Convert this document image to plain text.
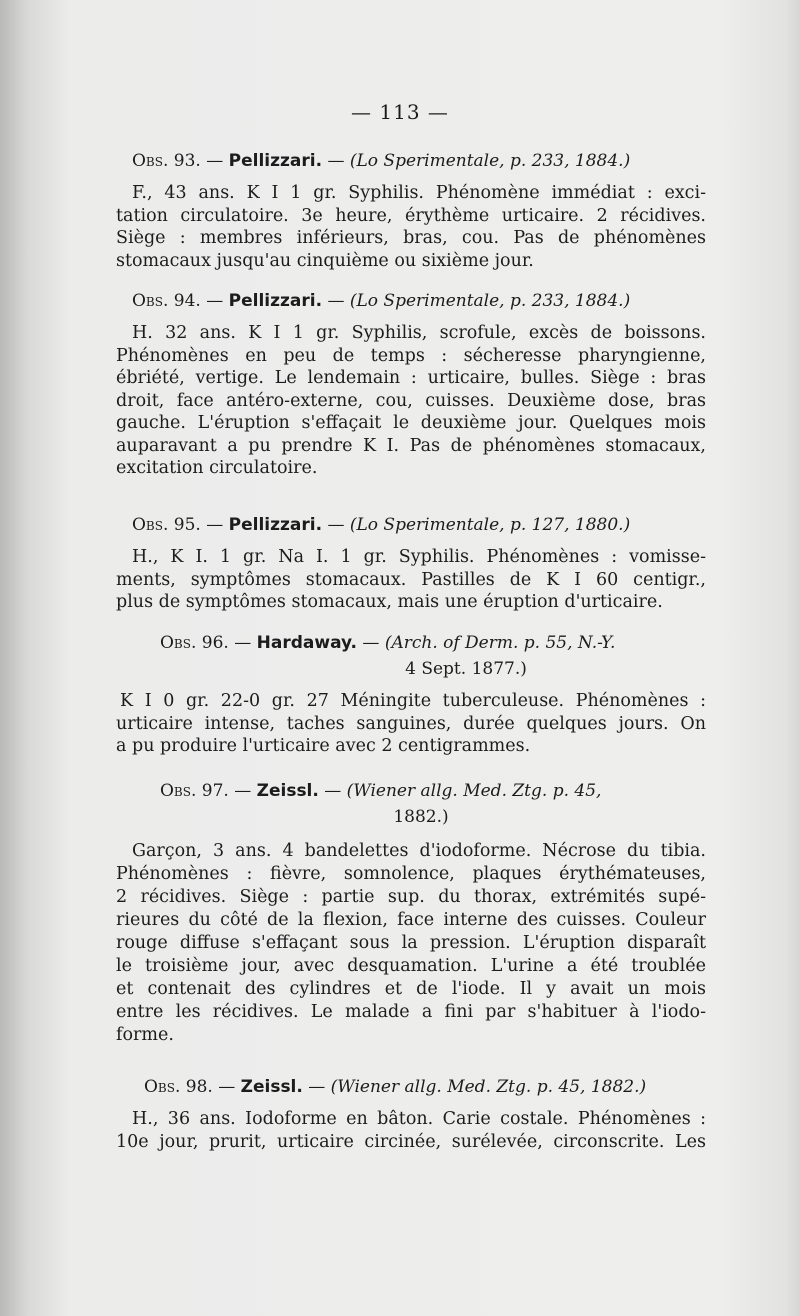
— 113 —
Obs. 93. — Pellizzari. — (Lo Sperimentale, p. 233, 1884.)
F., 43 ans. K I 1 gr. Syphilis. Phénomène immédiat : exci-
tation circulatoire. 3e heure, érythème urticaire. 2 récidives.
Siège : membres inférieurs, bras, cou. Pas de phénomènes
stomacaux jusqu'au cinquième ou sixième jour.
Obs. 94. — Pellizzari. — (Lo Sperimentale, p. 233, 1884.)
H. 32 ans. K I 1 gr. Syphilis, scrofule, excès de boissons.
Phénomènes en peu de temps : sécheresse pharyngienne,
ébriété, vertige. Le lendemain : urticaire, bulles. Siège : bras
droit, face antéro-externe, cou, cuisses. Deuxième dose, bras
gauche. L'éruption s'effaçait le deuxième jour. Quelques mois
auparavant a pu prendre K I. Pas de phénomènes stomacaux,
excitation circulatoire.
Obs. 95. — Pellizzari. — (Lo Sperimentale, p. 127, 1880.)
H., K I. 1 gr. Na I. 1 gr. Syphilis. Phénomènes : vomisse-
ments, symptômes stomacaux. Pastilles de K I 60 centigr.,
plus de symptômes stomacaux, mais une éruption d'urticaire.
Obs. 96. — Hardaway. — (Arch. of Derm. p. 55, N.-Y.
4 Sept. 1877.)
K I 0 gr. 22-0 gr. 27 Méningite tuberculeuse. Phénomènes :
urticaire intense, taches sanguines, durée quelques jours. On
a pu produire l'urticaire avec 2 centigrammes.
Obs. 97. — Zeissl. — (Wiener allg. Med. Ztg. p. 45,
1882.)
Garçon, 3 ans. 4 bandelettes d'iodoforme. Nécrose du tibia.
Phénomènes : fièvre, somnolence, plaques érythémateuses,
2 récidives. Siège : partie sup. du thorax, extrémités supé-
rieures du côté de la flexion, face interne des cuisses. Couleur
rouge diffuse s'effaçant sous la pression. L'éruption disparaît
le troisième jour, avec desquamation. L'urine a été troublée
et contenait des cylindres et de l'iode. Il y avait un mois
entre les récidives. Le malade a fini par s'habituer à l'iodo-
forme.
Obs. 98. — Zeissl. — (Wiener allg. Med. Ztg. p. 45, 1882.)
H., 36 ans. Iodoforme en bâton. Carie costale. Phénomènes :
10e jour, prurit, urticaire circinée, surélevée, circonscrite. Les
